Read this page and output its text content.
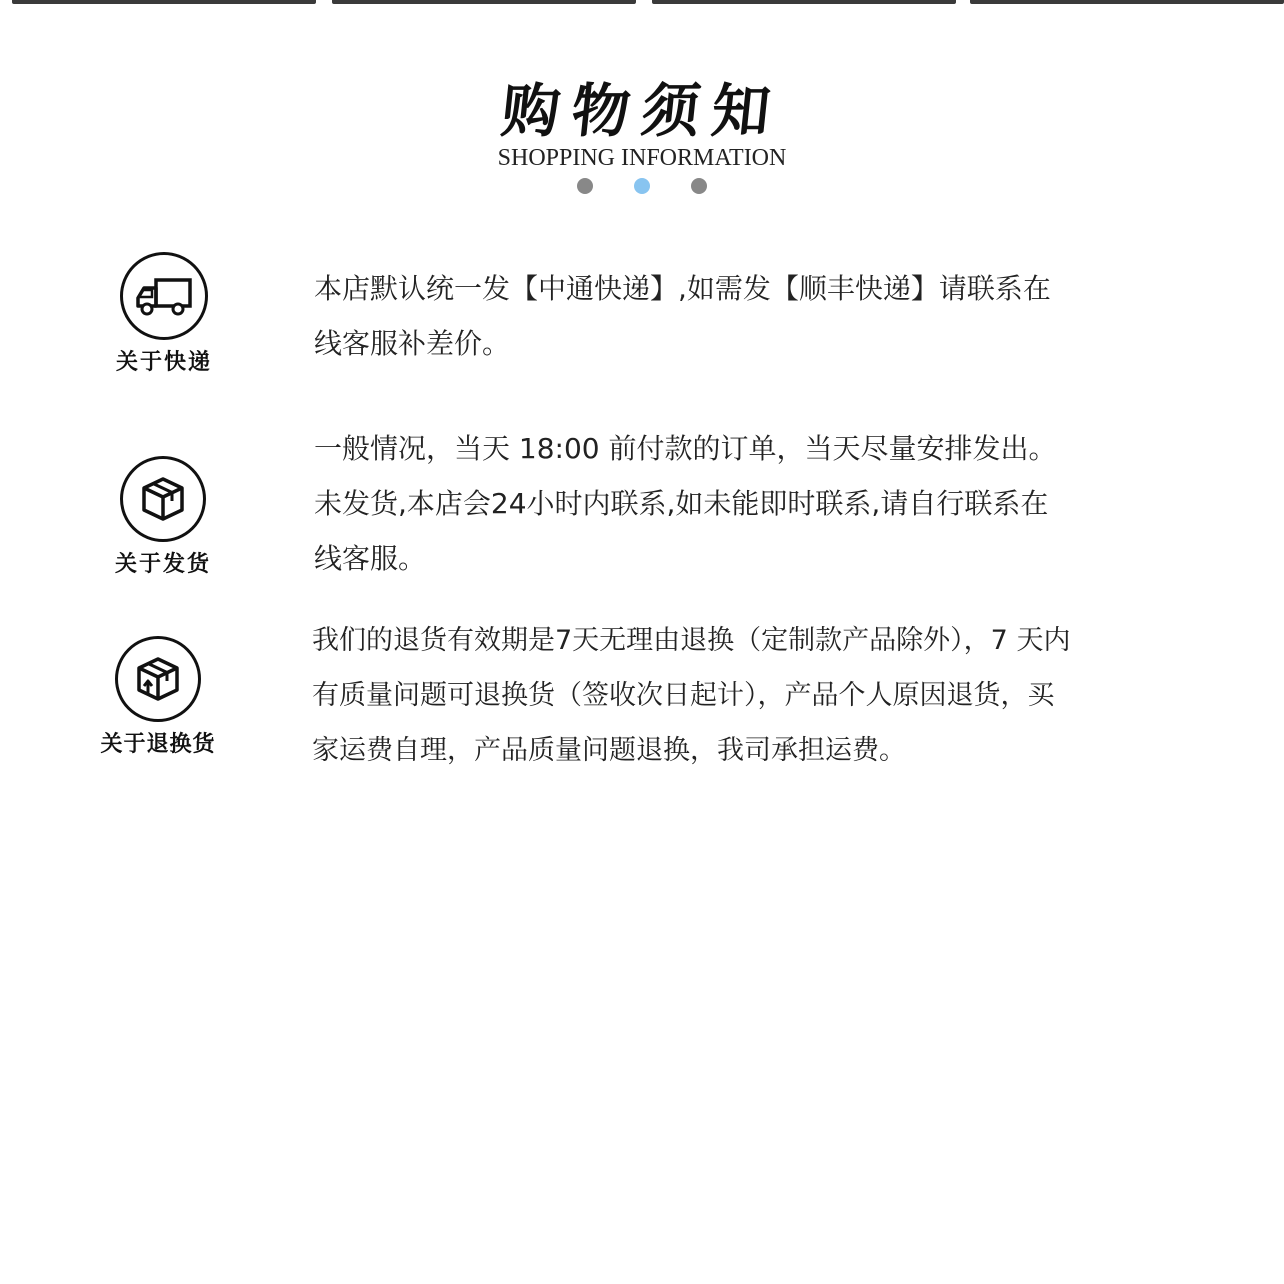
购物须知
SHOPPING INFORMATION
关于快递

本店默认统一发【中通快递】,如需发【顺丰快递】请联系在

线客服补差价。

关于发货

一般情况，当天 18:00 前付款的订单，当天尽量安排发出。

未发货,本店会24小时内联系,如未能即时联系,请自行联系在

线客服。

关于退换货

我们的退货有效期是7天无理由退换（定制款产品除外），7 天内

有质量问题可退换货（签收次日起计），产品个人原因退货，买

家运费自理，产品质量问题退换，我司承担运费。
